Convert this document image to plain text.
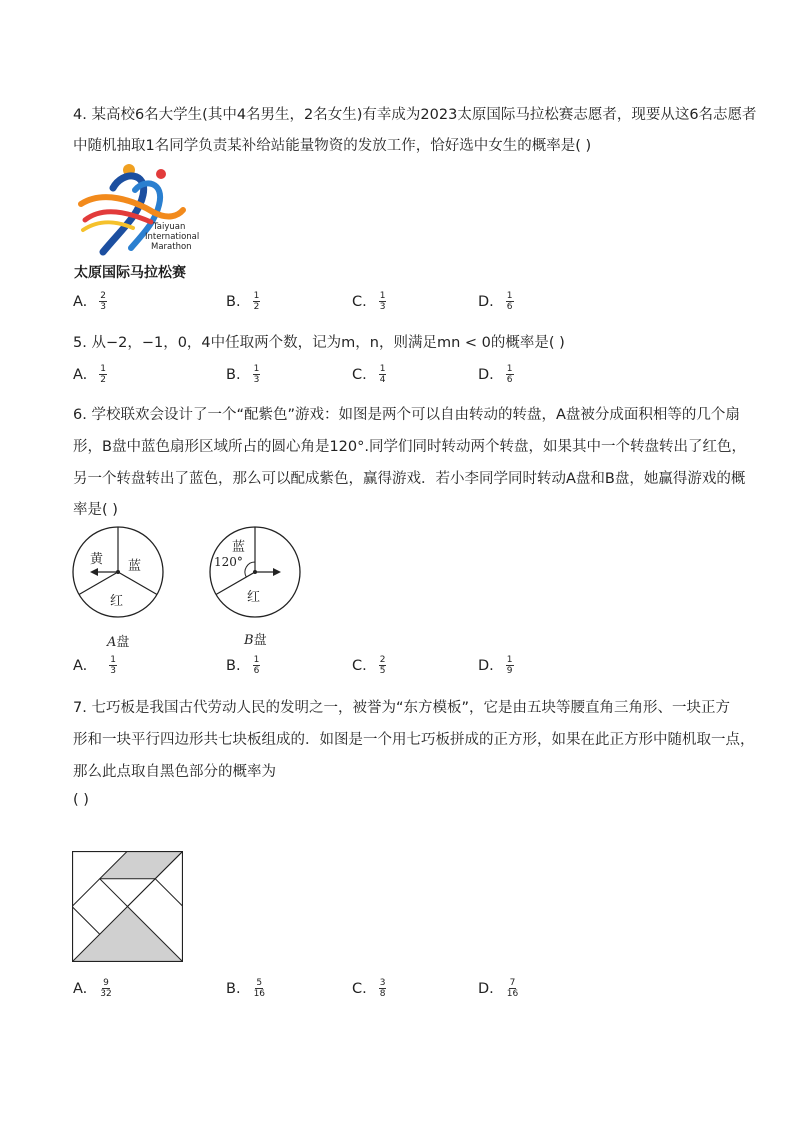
4. 某高校6名大学生(其中4名男生，2名女生)有幸成为2023太原国际马拉松赛志愿者，现要从这6名志愿者
中随机抽取1名同学负责某补给站能量物资的发放工作，恰好选中女生的概率是( )
Taiyuan
International
Marathon
太原国际马拉松赛
A. $\frac{2}{3}$	B. $\frac{1}{2}$	C. $\frac{1}{3}$	D. $\frac{1}{6}$
5. 从−2，−1，0，4中任取两个数，记为m，n，则满足mn < 0的概率是( )
A. $\frac{1}{2}$	B. $\frac{1}{3}$	C. $\frac{1}{4}$	D. $\frac{1}{6}$
6. 学校联欢会设计了一个“配紫色”游戏：如图是两个可以自由转动的转盘，A盘被分成面积相等的几个扇
形，B盘中蓝色扇形区域所占的圆心角是120°.同学们同时转动两个转盘，如果其中一个转盘转出了红色，
另一个转盘转出了蓝色，那么可以配成紫色，赢得游戏．若小李同学同时转动A盘和B盘，她赢得游戏的概
率是( )
黄 蓝
红
A盘
蓝
120°
红
B盘
A. $\frac{1}{3}$	B. $\frac{1}{6}$	C. $\frac{2}{5}$	D. $\frac{1}{9}$
7. 七巧板是我国古代劳动人民的发明之一，被誉为“东方模板”，它是由五块等腰直角三角形、一块正方
形和一块平行四边形共七块板组成的．如图是一个用七巧板拼成的正方形，如果在此正方形中随机取一点，
那么此点取自黑色部分的概率为
( )
A. $\frac{9}{32}$	B. $\frac{5}{16}$	C. $\frac{3}{8}$	D. $\frac{7}{16}$
